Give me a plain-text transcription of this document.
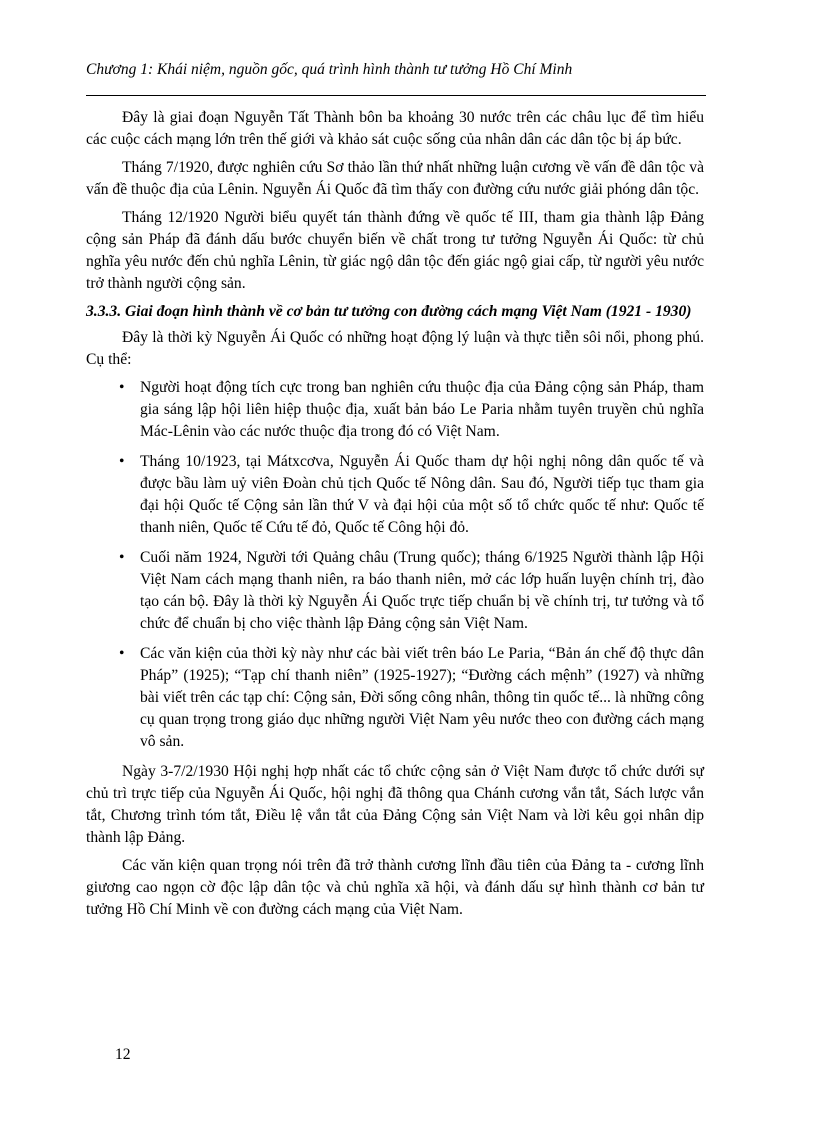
Chương 1: Khái niệm, nguồn gốc, quá trình hình thành tư tưởng Hồ Chí Minh

Đây là giai đoạn Nguyễn Tất Thành bôn ba khoảng 30 nước trên các châu lục để tìm hiểu các cuộc cách mạng lớn trên thế giới và khảo sát cuộc sống của nhân dân các dân tộc bị áp bức.

Tháng 7/1920, được nghiên cứu Sơ thảo lần thứ nhất những luận cương về vấn đề dân tộc và vấn đề thuộc địa của Lênin. Nguyễn Ái Quốc đã tìm thấy con đường cứu nước giải phóng dân tộc.

Tháng 12/1920 Người biểu quyết tán thành đứng về quốc tế III, tham gia thành lập Đảng cộng sản Pháp đã đánh dấu bước chuyển biến về chất trong tư tưởng Nguyễn Ái Quốc: từ chủ nghĩa yêu nước đến chủ nghĩa Lênin, từ giác ngộ dân tộc đến giác ngộ giai cấp, từ người yêu nước trở thành người cộng sản.

3.3.3. Giai đoạn hình thành về cơ bản tư tưởng con đường cách mạng Việt Nam (1921 - 1930)

Đây là thời kỳ Nguyễn Ái Quốc có những hoạt động lý luận và thực tiễn sôi nổi, phong phú. Cụ thể:

• Người hoạt động tích cực trong ban nghiên cứu thuộc địa của Đảng cộng sản Pháp, tham gia sáng lập hội liên hiệp thuộc địa, xuất bản báo Le Paria nhằm tuyên truyền chủ nghĩa Mác-Lênin vào các nước thuộc địa trong đó có Việt Nam.
• Tháng 10/1923, tại Mátxcơva, Nguyễn Ái Quốc tham dự hội nghị nông dân quốc tế và được bầu làm uỷ viên Đoàn chủ tịch Quốc tế Nông dân. Sau đó, Người tiếp tục tham gia đại hội Quốc tế Cộng sản lần thứ V và đại hội của một số tổ chức quốc tế như: Quốc tế thanh niên, Quốc tế Cứu tế đỏ, Quốc tế Công hội đỏ.
• Cuối năm 1924, Người tới Quảng châu (Trung quốc); tháng 6/1925 Người thành lập Hội Việt Nam cách mạng thanh niên, ra báo thanh niên, mở các lớp huấn luyện chính trị, đào tạo cán bộ. Đây là thời kỳ Nguyễn Ái Quốc trực tiếp chuẩn bị về chính trị, tư tưởng và tổ chức để chuẩn bị cho việc thành lập Đảng cộng sản Việt Nam.
• Các văn kiện của thời kỳ này như các bài viết trên báo Le Paria, “Bản án chế độ thực dân Pháp” (1925); “Tạp chí thanh niên” (1925-1927); “Đường cách mệnh” (1927) và những bài viết trên các tạp chí: Cộng sản, Đời sống công nhân, thông tin quốc tế... là những công cụ quan trọng trong giáo dục những người Việt Nam yêu nước theo con đường cách mạng vô sản.

Ngày 3-7/2/1930 Hội nghị hợp nhất các tổ chức cộng sản ở Việt Nam được tổ chức dưới sự chủ trì trực tiếp của Nguyễn Ái Quốc, hội nghị đã thông qua Chánh cương vắn tắt, Sách lược vắn tắt, Chương trình tóm tắt, Điều lệ vắn tắt của Đảng Cộng sản Việt Nam và lời kêu gọi nhân dịp thành lập Đảng.

Các văn kiện quan trọng nói trên đã trở thành cương lĩnh đầu tiên của Đảng ta - cương lĩnh giương cao ngọn cờ độc lập dân tộc và chủ nghĩa xã hội, và đánh dấu sự hình thành cơ bản tư tưởng Hồ Chí Minh về con đường cách mạng của Việt Nam.

12
